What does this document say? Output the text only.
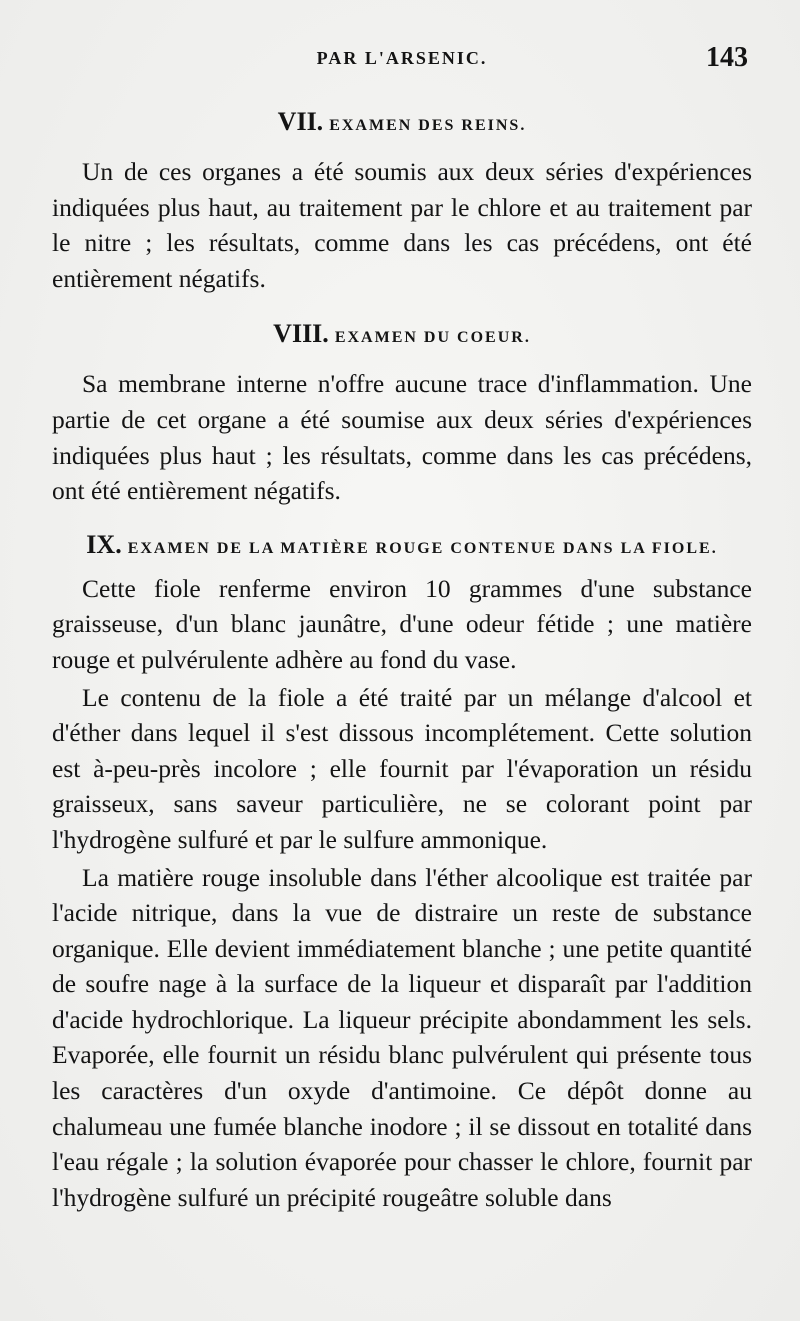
PAR L'ARSENIC.	143
VII. EXAMEN DES REINS.

Un de ces organes a été soumis aux deux séries d'expériences indiquées plus haut, au traitement par le chlore et au traitement par le nitre ; les résultats, comme dans les cas précédens, ont été entièrement négatifs.

VIII. EXAMEN DU COEUR.

Sa membrane interne n'offre aucune trace d'inflammation. Une partie de cet organe a été soumise aux deux séries d'expériences indiquées plus haut ; les résultats, comme dans les cas précédens, ont été entièrement négatifs.

IX. EXAMEN DE LA MATIÈRE ROUGE CONTENUE DANS LA FIOLE.

Cette fiole renferme environ 10 grammes d'une substance graisseuse, d'un blanc jaunâtre, d'une odeur fétide ; une matière rouge et pulvérulente adhère au fond du vase.

Le contenu de la fiole a été traité par un mélange d'alcool et d'éther dans lequel il s'est dissous incomplétement. Cette solution est à-peu-près incolore ; elle fournit par l'évaporation un résidu graisseux, sans saveur particulière, ne se colorant point par l'hydrogène sulfuré et par le sulfure ammonique.

La matière rouge insoluble dans l'éther alcoolique est traitée par l'acide nitrique, dans la vue de distraire un reste de substance organique. Elle devient immédiatement blanche ; une petite quantité de soufre nage à la surface de la liqueur et disparaît par l'addition d'acide hydrochlorique. La liqueur précipite abondamment les sels. Evaporée, elle fournit un résidu blanc pulvérulent qui présente tous les caractères d'un oxyde d'antimoine. Ce dépôt donne au chalumeau une fumée blanche inodore ; il se dissout en totalité dans l'eau régale ; la solution évaporée pour chasser le chlore, fournit par l'hydrogène sulfuré un précipité rougeâtre soluble dans
